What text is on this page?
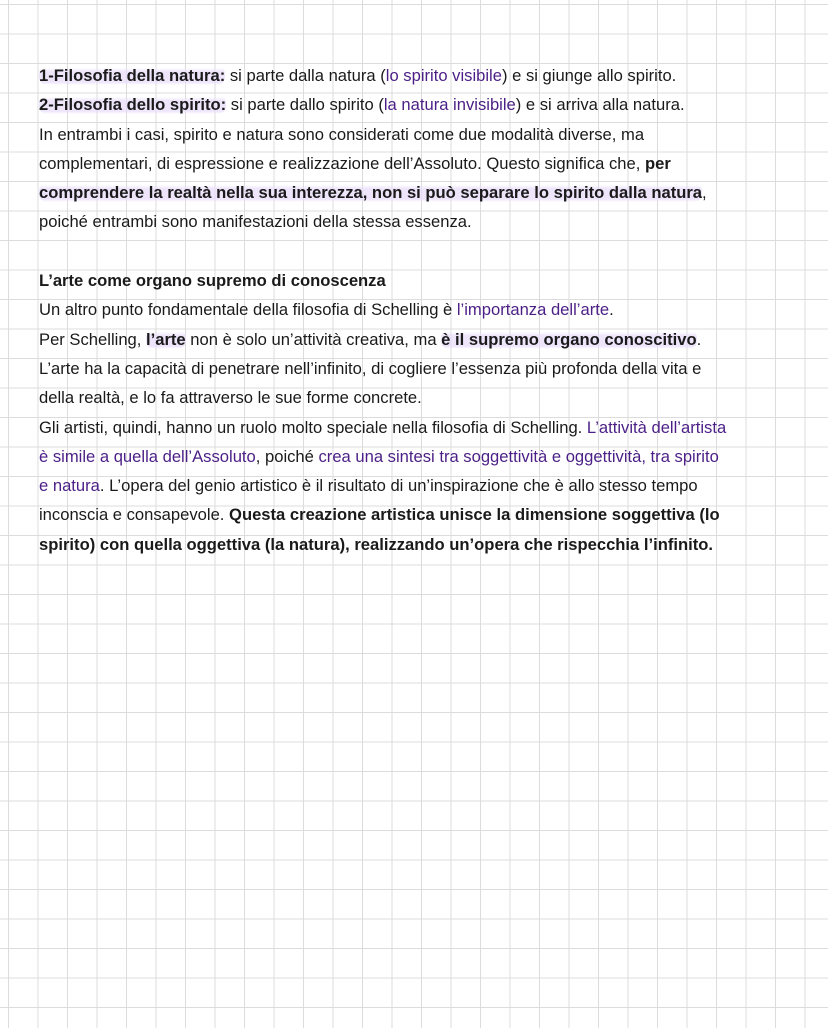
1-Filosofia della natura: si parte dalla natura (lo spirito visibile) e si giunge allo spirito.
2-Filosofia dello spirito: si parte dallo spirito (la natura invisibile) e si arriva alla natura.
In entrambi i casi, spirito e natura sono considerati come due modalità diverse, ma
complementari, di espressione e realizzazione dell’Assoluto. Questo significa che, per
comprendere la realtà nella sua interezza, non si può separare lo spirito dalla natura,
poiché entrambi sono manifestazioni della stessa essenza.
L’arte come organo supremo di conoscenza
Un altro punto fondamentale della filosofia di Schelling è l’importanza dell’arte.
Per Schelling, l’arte non è solo un’attività creativa, ma è il supremo organo conoscitivo.
L’arte ha la capacità di penetrare nell’infinito, di cogliere l’essenza più profonda della vita e
della realtà, e lo fa attraverso le sue forme concrete.
Gli artisti, quindi, hanno un ruolo molto speciale nella filosofia di Schelling. L’attività dell’artista
è simile a quella dell’Assoluto, poiché crea una sintesi tra soggettività e oggettività, tra spirito
e natura. L’opera del genio artistico è il risultato di un’inspirazione che è allo stesso tempo
inconscia e consapevole. Questa creazione artistica unisce la dimensione soggettiva (lo
spirito) con quella oggettiva (la natura), realizzando un’opera che rispecchia l’infinito.
